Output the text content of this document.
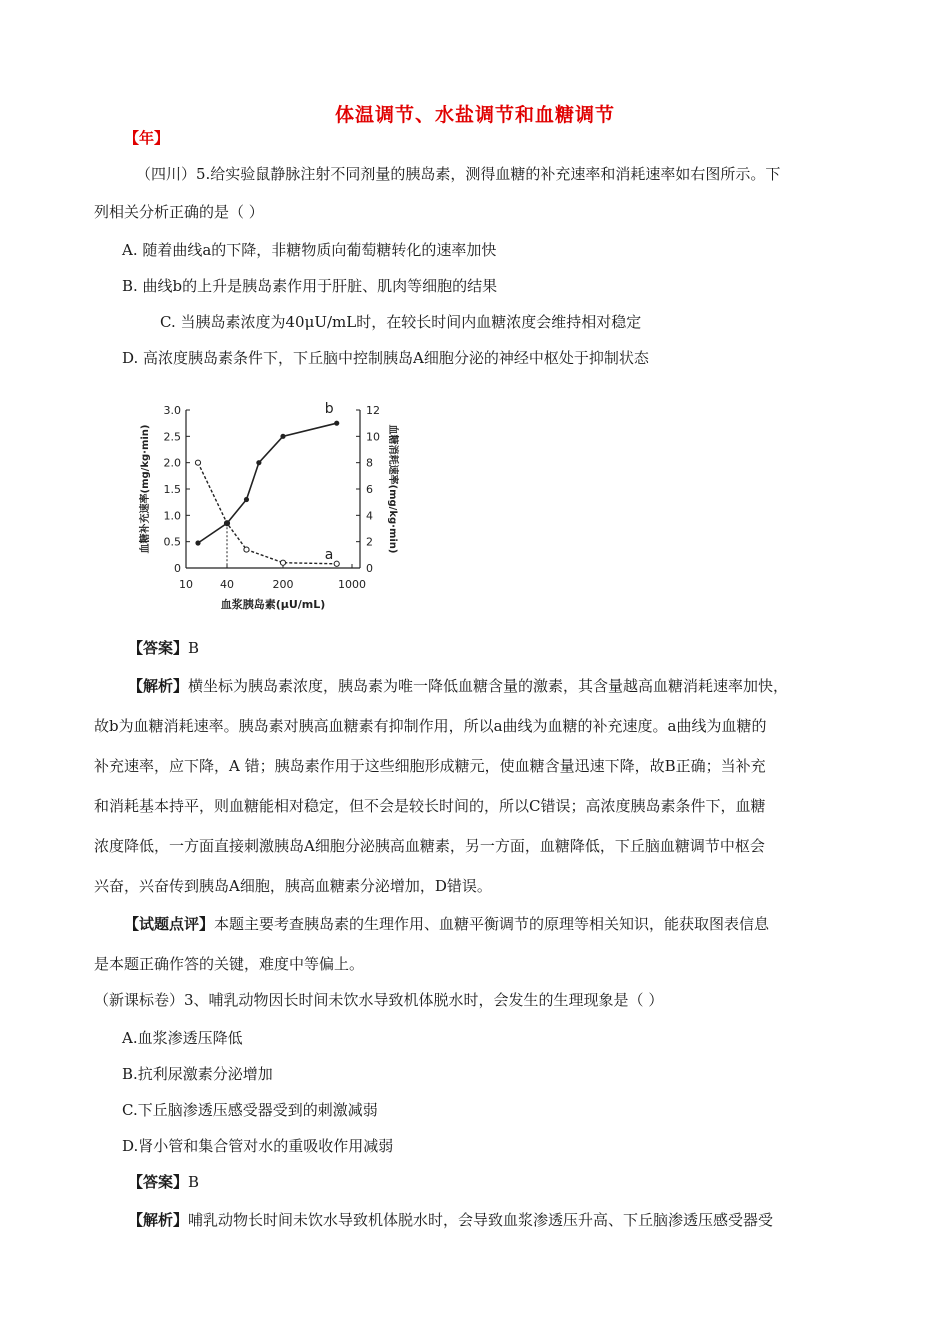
体温调节、水盐调节和血糖调节
【年】
（四川）5.给实验鼠静脉注射不同剂量的胰岛素，测得血糖的补充速率和消耗速率如右图所示。下
列相关分析正确的是（ ）
A. 随着曲线a的下降，非糖物质向葡萄糖转化的速率加快
B. 曲线b的上升是胰岛素作用于肝脏、肌肉等细胞的结果
C. 当胰岛素浓度为40μU/mL时，在较长时间内血糖浓度会维持相对稳定
D. 高浓度胰岛素条件下，下丘脑中控制胰岛A细胞分泌的神经中枢处于抑制状态
0
0.5
1.0
1.5
2.0
2.5
3.0
0
2
4
6
8
10
12
10 40	200	1000
血浆胰岛素(μU/mL)
血糖补充速率(mg/kg·min)	血糖消耗速率(mg/kg·min)
a
b
【答案】B
【解析】横坐标为胰岛素浓度，胰岛素为唯一降低血糖含量的激素，其含量越高血糖消耗速率加快，
故b为血糖消耗速率。胰岛素对胰高血糖素有抑制作用，所以a曲线为血糖的补充速度。a曲线为血糖的
补充速率，应下降，A 错；胰岛素作用于这些细胞形成糖元，使血糖含量迅速下降，故B正确；当补充
和消耗基本持平，则血糖能相对稳定，但不会是较长时间的，所以C错误；高浓度胰岛素条件下，血糖
浓度降低，一方面直接刺激胰岛A细胞分泌胰高血糖素，另一方面，血糖降低，下丘脑血糖调节中枢会
兴奋，兴奋传到胰岛A细胞，胰高血糖素分泌增加，D错误。
【试题点评】本题主要考查胰岛素的生理作用、血糖平衡调节的原理等相关知识，能获取图表信息
是本题正确作答的关键，难度中等偏上。
（新课标卷）3、哺乳动物因长时间未饮水导致机体脱水时，会发生的生理现象是（ ）
A.血浆渗透压降低
B.抗利尿激素分泌增加
C.下丘脑渗透压感受器受到的刺激减弱
D.肾小管和集合管对水的重吸收作用减弱
【答案】B
【解析】哺乳动物长时间未饮水导致机体脱水时，会导致血浆渗透压升高、下丘脑渗透压感受器受
